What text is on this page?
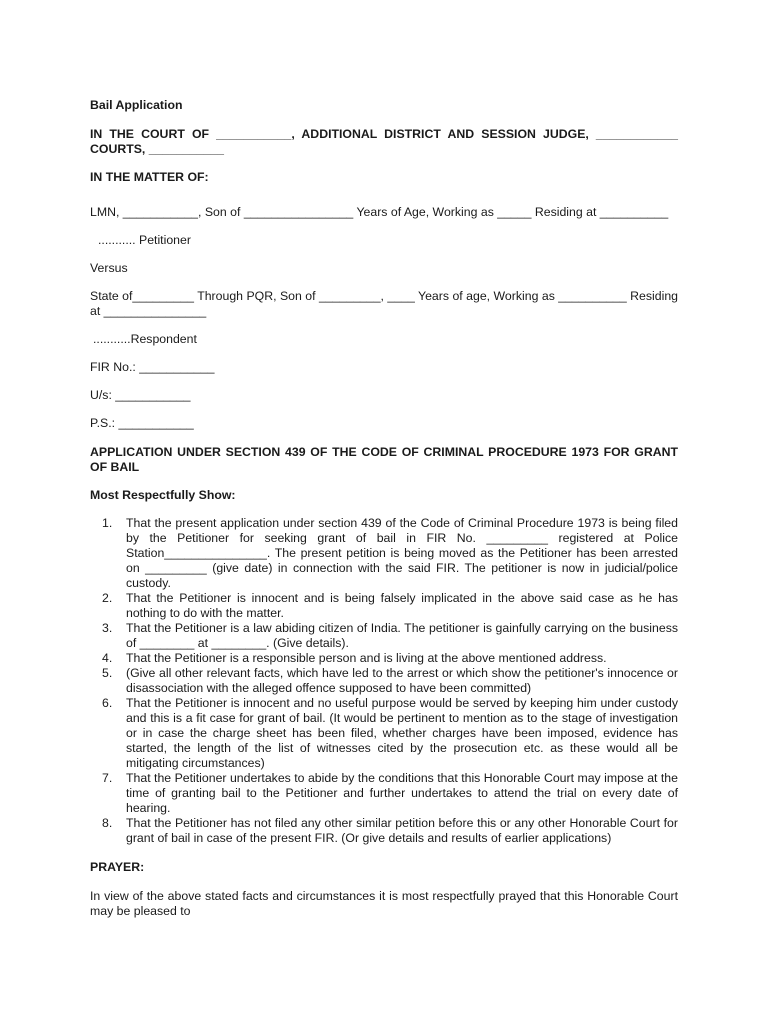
Bail Application

IN THE COURT OF ___________, ADDITIONAL DISTRICT AND SESSION JUDGE, ____________ COURTS, ___________

IN THE MATTER OF:

LMN, ___________, Son of ________________ Years of Age, Working as _____ Residing at __________

........... Petitioner

Versus

State of_________ Through PQR, Son of _________, ____ Years of age, Working as __________ Residing at _______________

...........Respondent

FIR No.: ___________

U/s: ___________

P.S.: ___________

APPLICATION UNDER SECTION 439 OF THE CODE OF CRIMINAL PROCEDURE 1973 FOR GRANT OF BAIL

Most Respectfully Show:

1. That the present application under section 439 of the Code of Criminal Procedure 1973 is being filed by the Petitioner for seeking grant of bail in FIR No. _________ registered at Police Station_______________. The present petition is being moved as the Petitioner has been arrested on _________ (give date) in connection with the said FIR. The petitioner is now in judicial/police custody.
2. That the Petitioner is innocent and is being falsely implicated in the above said case as he has nothing to do with the matter.
3. That the Petitioner is a law abiding citizen of India. The petitioner is gainfully carrying on the business of ________ at ________. (Give details).
4. That the Petitioner is a responsible person and is living at the above mentioned address.
5. (Give all other relevant facts, which have led to the arrest or which show the petitioner's innocence or disassociation with the alleged offence supposed to have been committed)
6. That the Petitioner is innocent and no useful purpose would be served by keeping him under custody and this is a fit case for grant of bail. (It would be pertinent to mention as to the stage of investigation or in case the charge sheet has been filed, whether charges have been imposed, evidence has started, the length of the list of witnesses cited by the prosecution etc. as these would all be mitigating circumstances)
7. That the Petitioner undertakes to abide by the conditions that this Honorable Court may impose at the time of granting bail to the Petitioner and further undertakes to attend the trial on every date of hearing.
8. That the Petitioner has not filed any other similar petition before this or any other Honorable Court for grant of bail in case of the present FIR. (Or give details and results of earlier applications)

PRAYER:

In view of the above stated facts and circumstances it is most respectfully prayed that this Honorable Court may be pleased to
